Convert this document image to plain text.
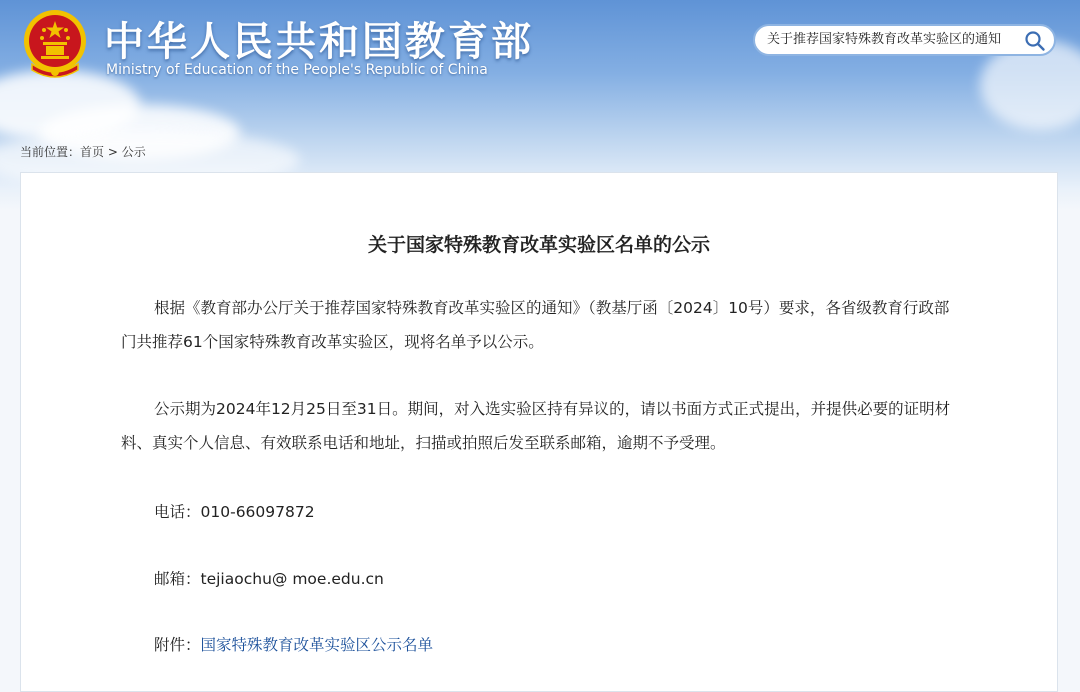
中华人民共和国教育部
Ministry of Education of the People's Republic of China
关于推荐国家特殊教育改革实验区的通知
当前位置：首页 > 公示
关于国家特殊教育改革实验区名单的公示
根据《教育部办公厅关于推荐国家特殊教育改革实验区的通知》（教基厅函〔2024〕10号）要求，各省级教育行政部门共推荐61个国家特殊教育改革实验区，现将名单予以公示。
公示期为2024年12月25日至31日。期间，对入选实验区持有异议的，请以书面方式正式提出，并提供必要的证明材料、真实个人信息、有效联系电话和地址，扫描或拍照后发至联系邮箱，逾期不予受理。
电话：010-66097872
邮箱：tejiaochu@ moe.edu.cn
附件：国家特殊教育改革实验区公示名单
